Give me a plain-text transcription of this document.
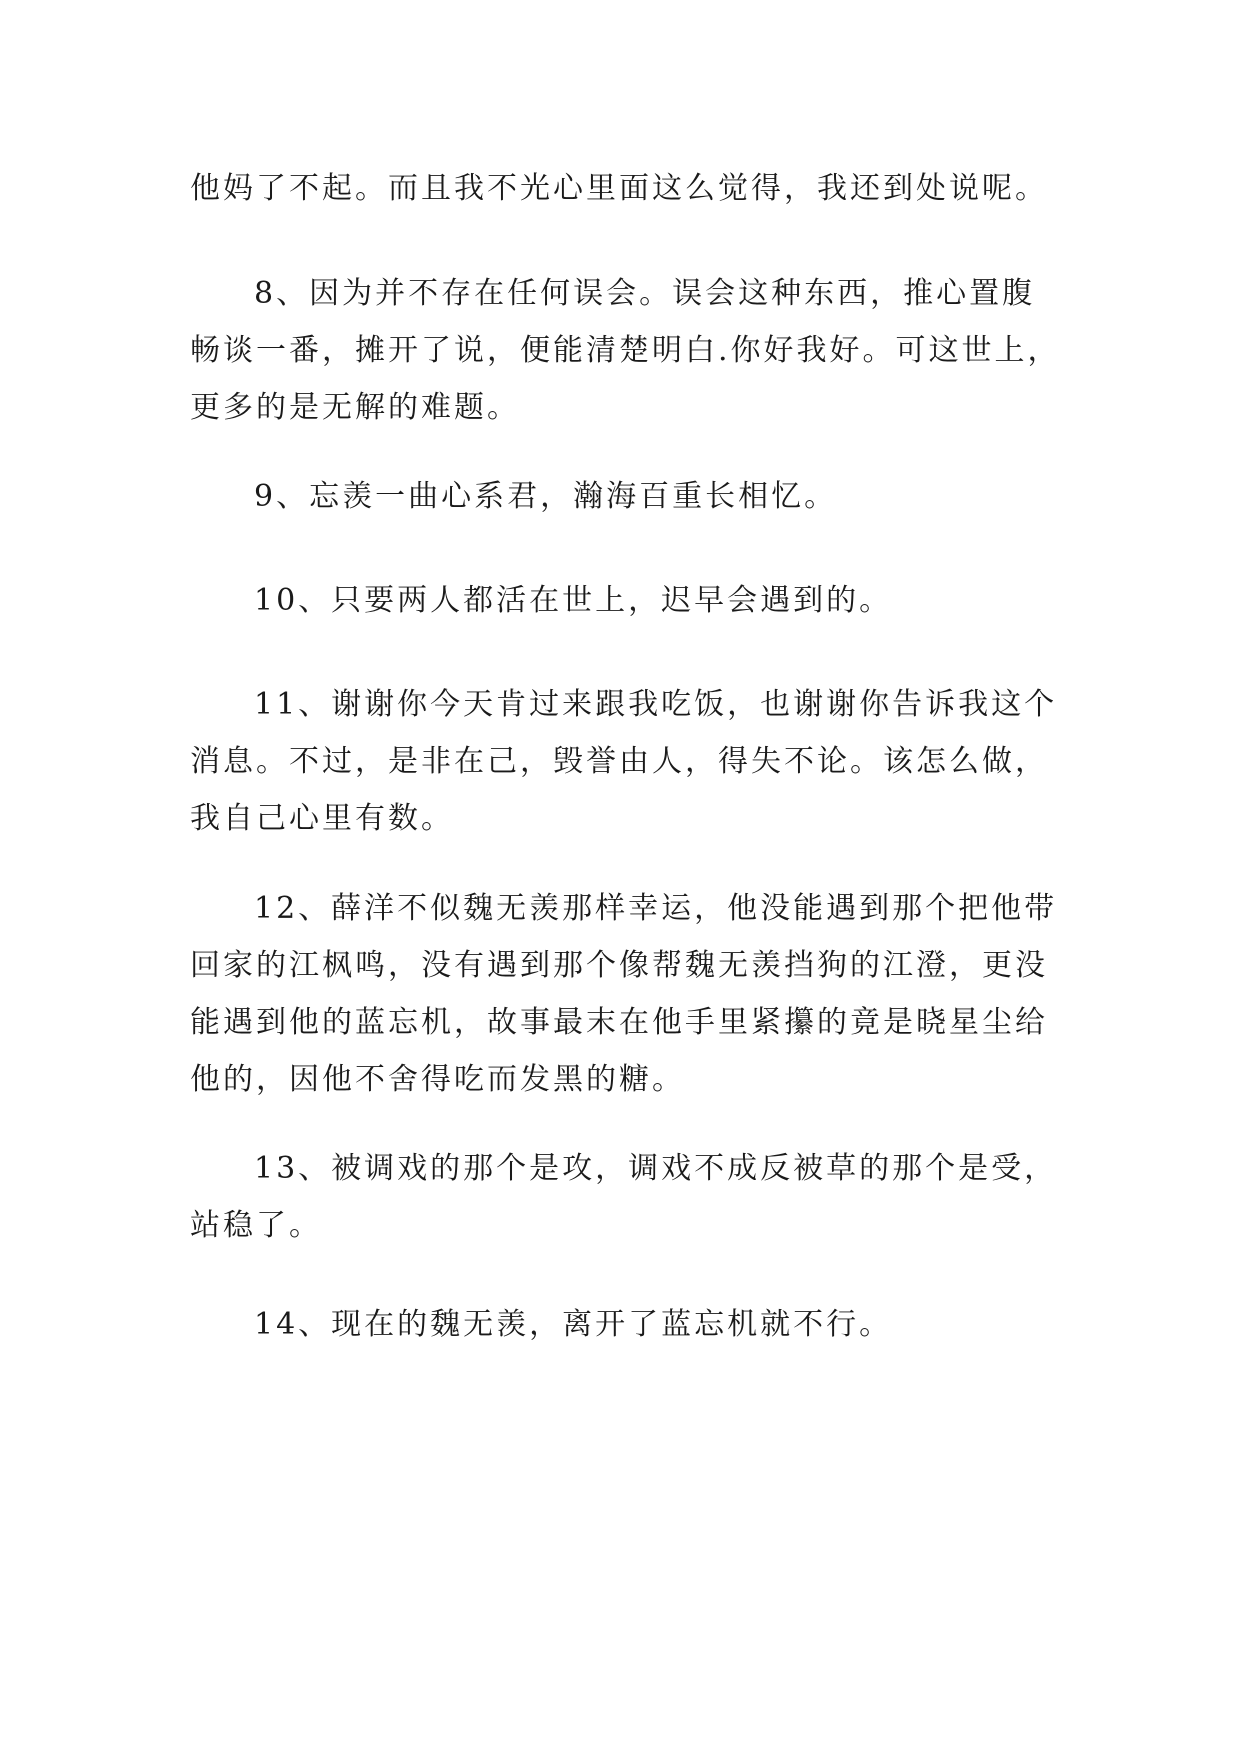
他妈了不起。而且我不光心里面这么觉得，我还到处说呢。

8、因为并不存在任何误会。误会这种东西，推心置腹
畅谈一番，摊开了说，便能清楚明白.你好我好。可这世上，
更多的是无解的难题。

9、忘羡一曲心系君，瀚海百重长相忆。

10、只要两人都活在世上，迟早会遇到的。

11、谢谢你今天肯过来跟我吃饭，也谢谢你告诉我这个
消息。不过，是非在己，毁誉由人，得失不论。该怎么做，
我自己心里有数。

12、薛洋不似魏无羡那样幸运，他没能遇到那个把他带
回家的江枫鸣，没有遇到那个像帮魏无羡挡狗的江澄，更没
能遇到他的蓝忘机，故事最末在他手里紧攥的竟是晓星尘给
他的，因他不舍得吃而发黑的糖。

13、被调戏的那个是攻，调戏不成反被草的那个是受，
站稳了。

14、现在的魏无羡，离开了蓝忘机就不行。
